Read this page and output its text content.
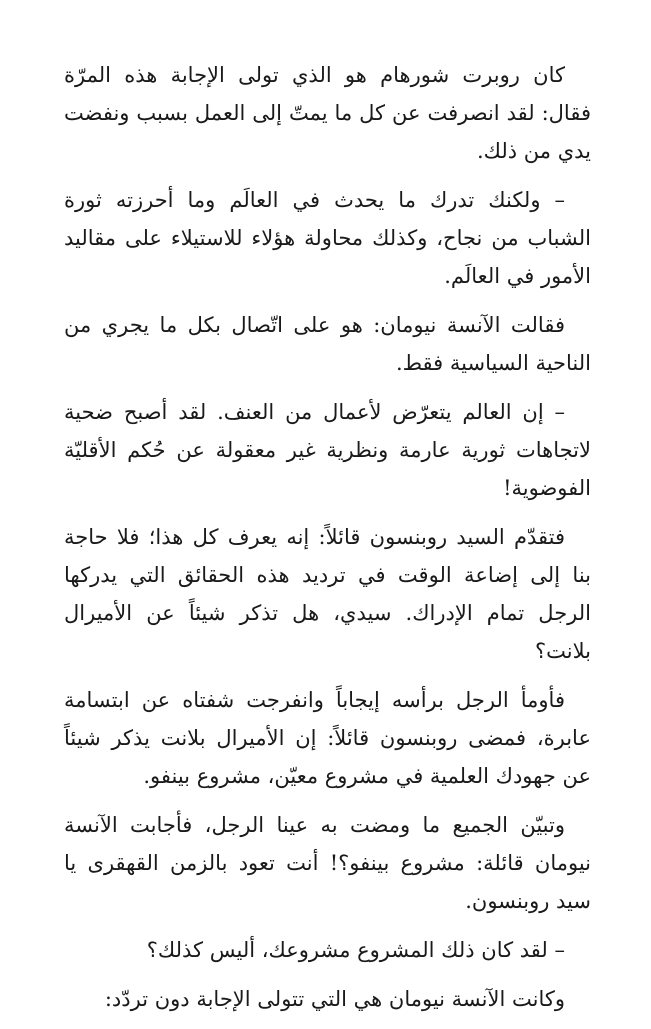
كان روبرت شورهام هو الذي تولى الإجابة هذه المرّة فقال: لقد انصرفت عن كل ما يمتّ إلى العمل بسبب ونفضت يدي من ذلك.

– ولكنك تدرك ما يحدث في العالَم وما أحرزته ثورة الشباب من نجاح، وكذلك محاولة هؤلاء للاستيلاء على مقاليد الأمور في العالَم.

فقالت الآنسة نيومان: هو على اتّصال بكل ما يجري من الناحية السياسية فقط.

– إن العالم يتعرّض لأعمال من العنف. لقد أصبح ضحية لاتجاهات ثورية عارمة ونظرية غير معقولة عن حُكم الأقليّة الفوضوية!

فتقدّم السيد روبنسون قائلاً: إنه يعرف كل هذا؛ فلا حاجة بنا إلى إضاعة الوقت في ترديد هذه الحقائق التي يدركها الرجل تمام الإدراك. سيدي، هل تذكر شيئاً عن الأميرال بلانت؟

فأومأ الرجل برأسه إيجاباً وانفرجت شفتاه عن ابتسامة عابرة، فمضى روبنسون قائلاً: إن الأميرال بلانت يذكر شيئاً عن جهودك العلمية في مشروع معيّن، مشروع بينفو.

وتبيّن الجميع ما ومضت به عينا الرجل، فأجابت الآنسة نيومان قائلة: مشروع بينفو؟! أنت تعود بالزمن القهقرى يا سيد روبنسون.

– لقد كان ذلك المشروع مشروعك، أليس كذلك؟

وكانت الآنسة نيومان هي التي تتولى الإجابة دون تردّد:
